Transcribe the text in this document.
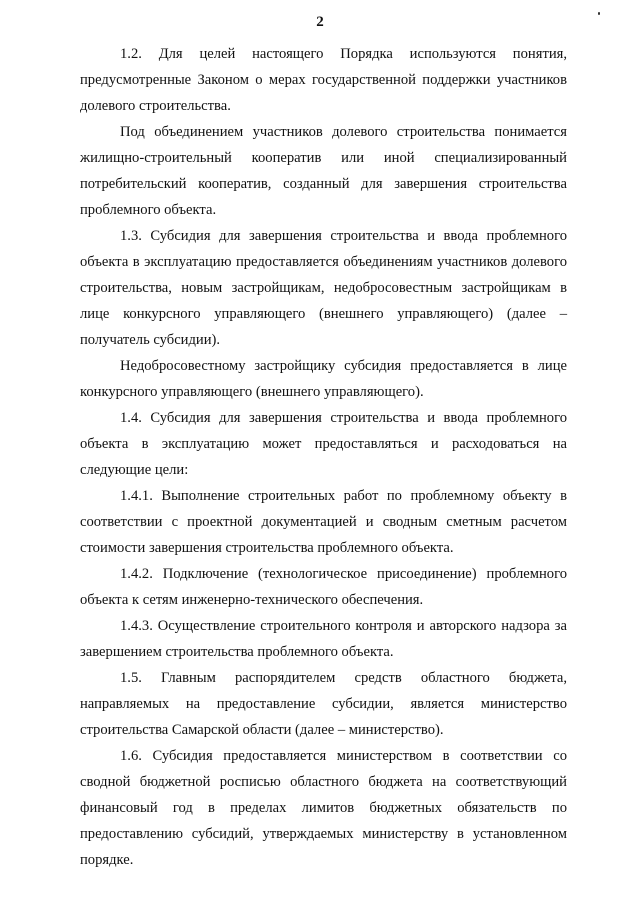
2

1.2. Для целей настоящего Порядка используются понятия, предусмотренные Законом о мерах государственной поддержки участников долевого строительства.

Под объединением участников долевого строительства понимается жилищно-строительный кооператив или иной специализированный потребительский кооператив, созданный для завершения строительства проблемного объекта.

1.3. Субсидия для завершения строительства и ввода проблемного объекта в эксплуатацию предоставляется объединениям участников долевого строительства, новым застройщикам, недобросовестным застройщикам в лице конкурсного управляющего (внешнего управляющего) (далее – получатель субсидии).

Недобросовестному застройщику субсидия предоставляется в лице конкурсного управляющего (внешнего управляющего).

1.4. Субсидия для завершения строительства и ввода проблемного объекта в эксплуатацию может предоставляться и расходоваться на следующие цели:

1.4.1. Выполнение строительных работ по проблемному объекту в соответствии с проектной документацией и сводным сметным расчетом стоимости завершения строительства проблемного объекта.

1.4.2. Подключение (технологическое присоединение) проблемного объекта к сетям инженерно-технического обеспечения.

1.4.3. Осуществление строительного контроля и авторского надзора за завершением строительства проблемного объекта.

1.5. Главным распорядителем средств областного бюджета, направляемых на предоставление субсидии, является министерство строительства Самарской области (далее – министерство).

1.6. Субсидия предоставляется министерством в соответствии со сводной бюджетной росписью областного бюджета на соответствующий финансовый год в пределах лимитов бюджетных обязательств по предоставлению субсидий, утверждаемых министерству в установленном порядке.
